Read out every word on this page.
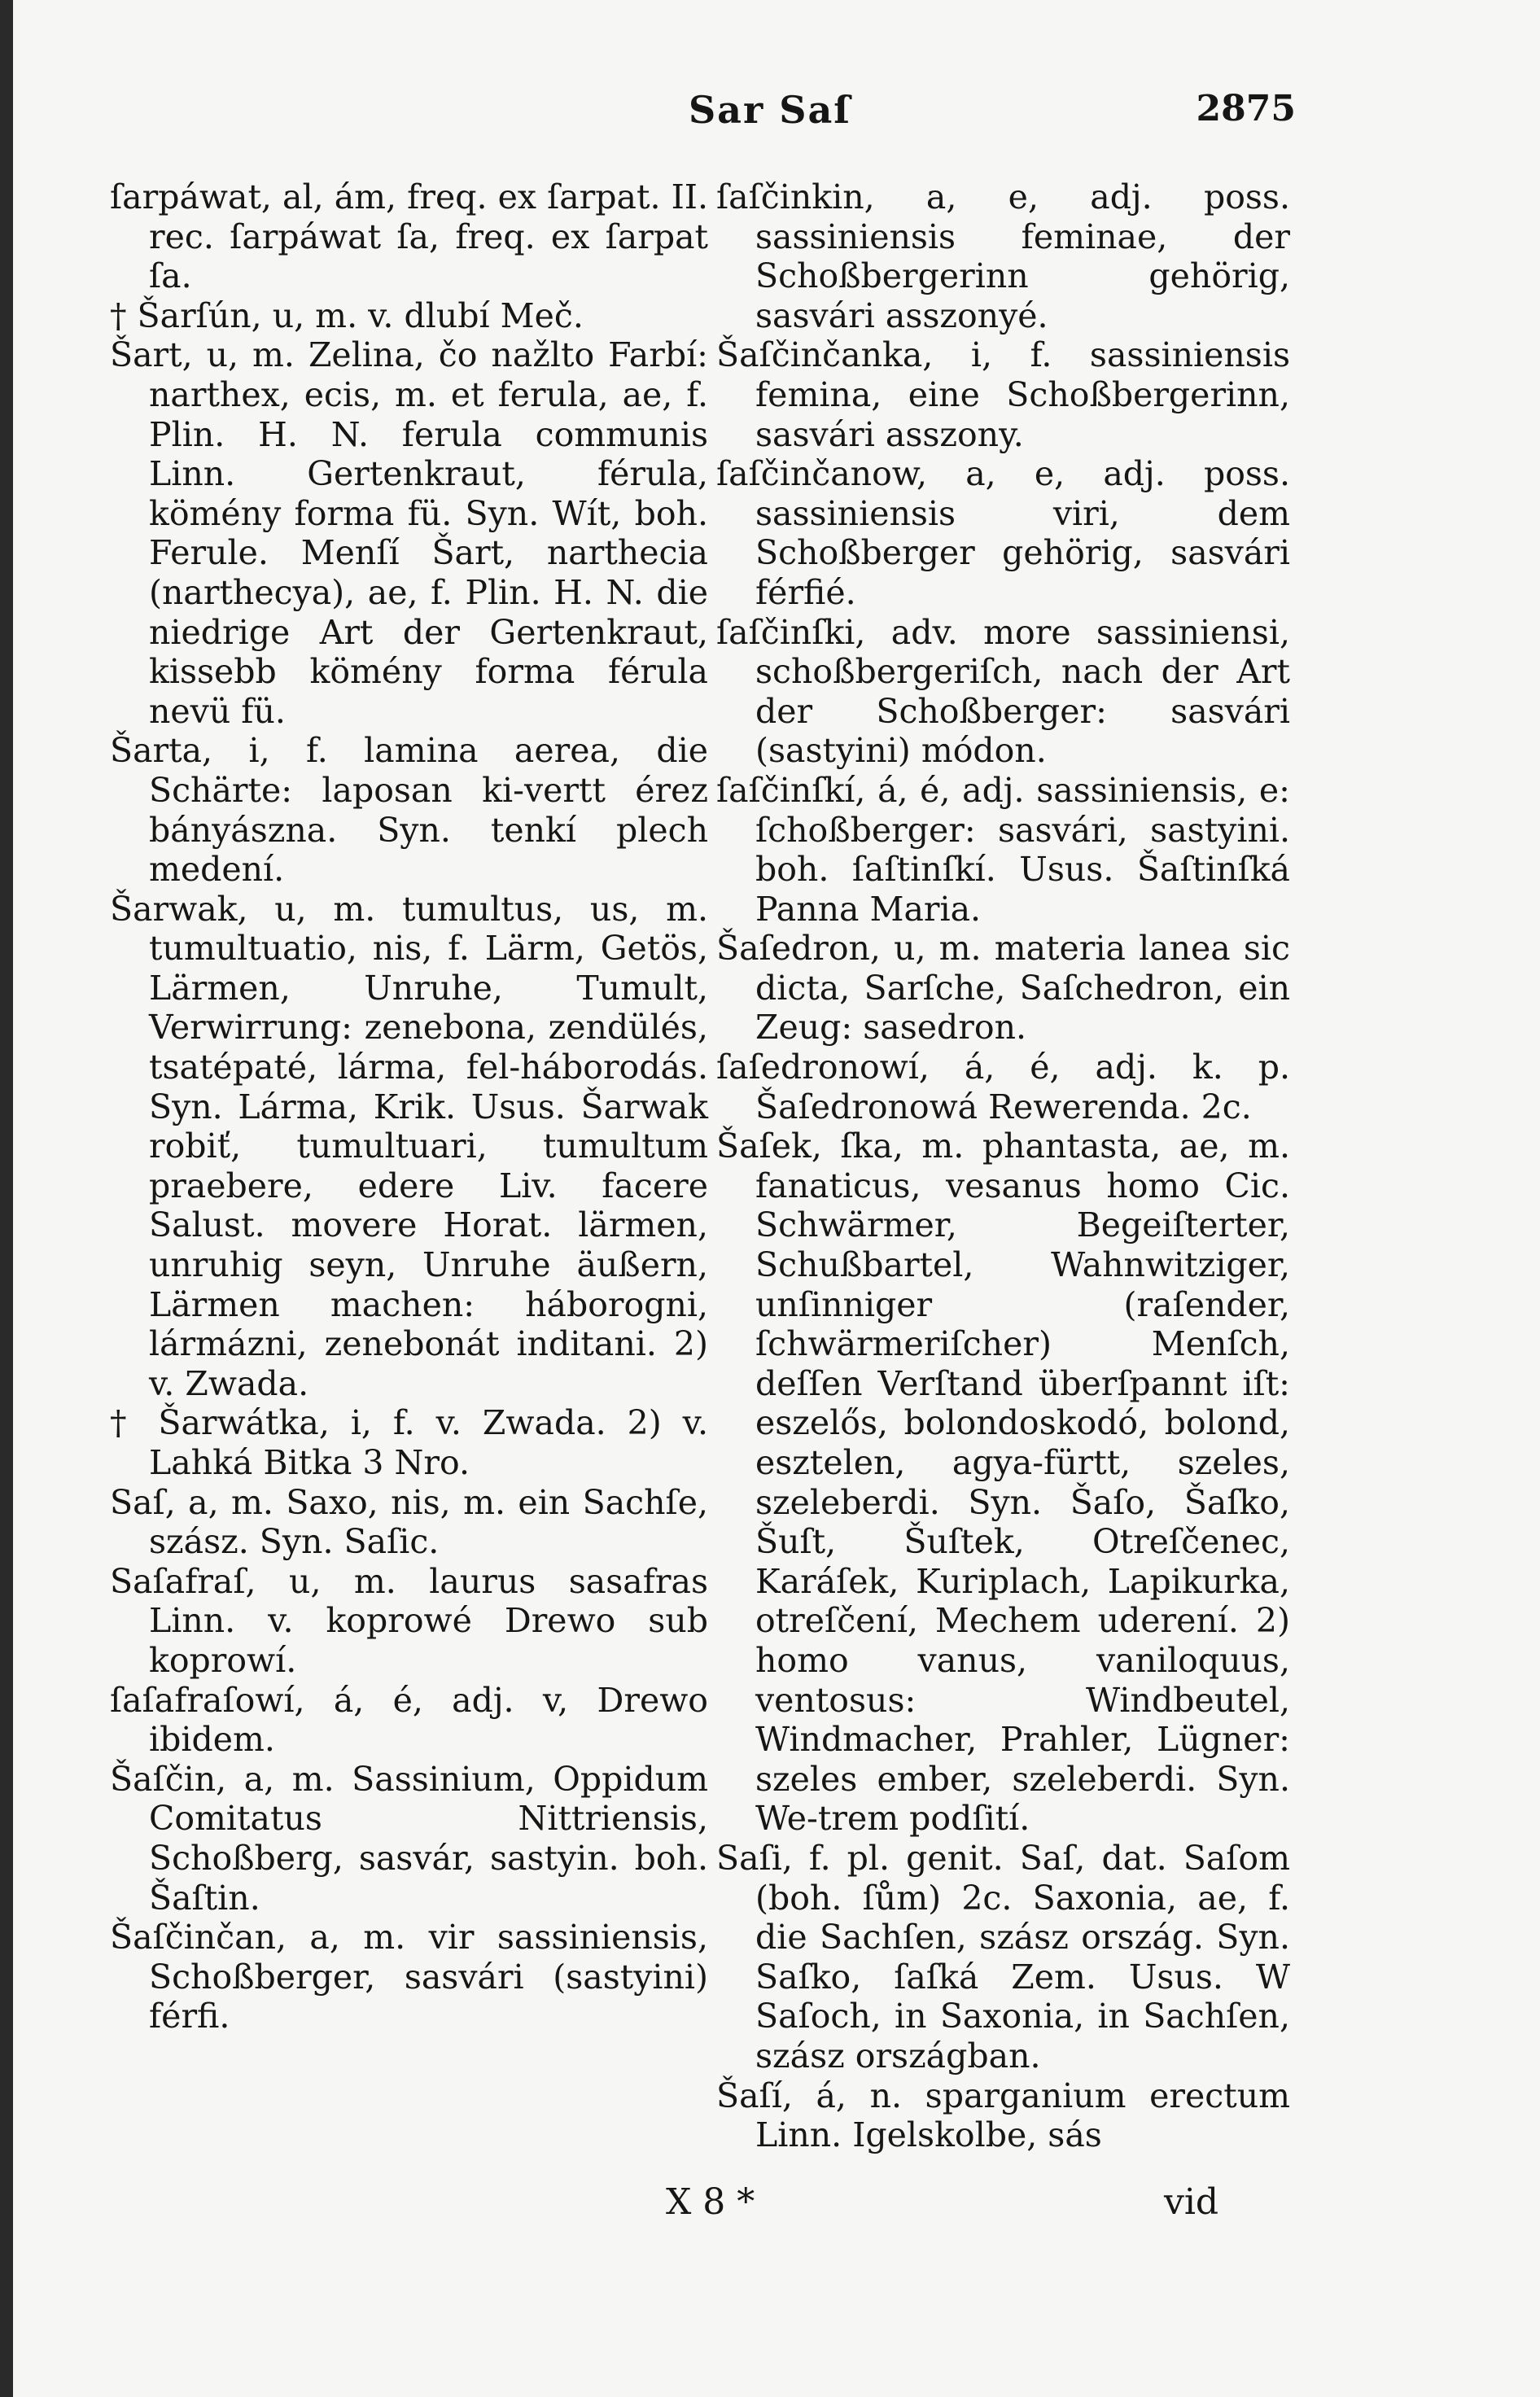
Sar Saſ	2875

ſarpáwat, al, ám, freq. ex ſarpat. II. rec. ſarpáwat ſa, freq. ex ſarpat ſa.

† Šarſún, u, m. v. dlubí Meč.

Šart, u, m. Zelina, čo nažlto Farbí: narthex, ecis, m. et ferula, ae, f. Plin. H. N. ferula communis Linn. Gertenkraut, férula, kömény forma fü. Syn. Wít, boh. Ferule. Menſí Šart, narthecia (narthecya), ae, f. Plin. H. N. die niedrige Art der Gertenkraut, kissebb kömény forma férula nevü fü.

Šarta, i, f. lamina aerea, die Schärte: laposan ki-vertt érez bányászna. Syn. tenkí plech medení.

Šarwak, u, m. tumultus, us, m. tumultuatio, nis, f. Lärm, Getös, Lärmen, Unruhe, Tumult, Verwirrung: zenebona, zendülés, tsatépaté, lárma, fel-háborodás. Syn. Lárma, Krik. Usus. Šarwak robiť, tumultuari, tumultum praebere, edere Liv. facere Salust. movere Horat. lärmen, unruhig seyn, Unruhe äußern, Lärmen machen: háborogni, lármázni, zenebonát inditani. 2) v. Zwada.

† Šarwátka, i, f. v. Zwada. 2) v. Lahká Bitka 3 Nro.

Saſ, a, m. Saxo, nis, m. ein Sachſe, szász. Syn. Saſic.

Saſafraſ, u, m. laurus sasafras Linn. v. koprowé Drewo sub koprowí.

ſaſafraſowí, á, é, adj. v, Drewo ibidem.

Šaſčin, a, m. Sassinium, Oppidum Comitatus Nittriensis, Schoßberg, sasvár, sastyin. boh. Šaſtin.

Šaſčinčan, a, m. vir sassiniensis, Schoßberger, sasvári (sastyini) férfi.

ſaſčinkin, a, e, adj. poss. sassiniensis feminae, der Schoßbergerinn gehörig, sasvári asszonyé.

Šaſčinčanka, i, f. sassiniensis femina, eine Schoßbergerinn, sasvári asszony.

ſaſčinčanow, a, e, adj. poss. sassiniensis viri, dem Schoßberger gehörig, sasvári férfié.

ſaſčinſki, adv. more sassiniensi, schoßbergeriſch, nach der Art der Schoßberger: sasvári (sastyini) módon.

ſaſčinſkí, á, é, adj. sassiniensis, e: ſchoßberger: sasvári, sastyini. boh. ſaſtinſkí. Usus. Šaſtinſká Panna Maria.

Šaſedron, u, m. materia lanea sic dicta, Sarſche, Saſchedron, ein Zeug: sasedron.

ſaſedronowí, á, é, adj. k. p. Šaſedronowá Rewerenda. 2c.

Šaſek, ſka, m. phantasta, ae, m. fanaticus, vesanus homo Cic. Schwärmer, Begeiſterter, Schußbartel, Wahnwitziger, unſinniger (raſender, ſchwärmeriſcher) Menſch, deſſen Verſtand überſpannt iſt: eszelős, bolondoskodó, bolond, esztelen, agya-fürtt, szeles, szeleberdi. Syn. Šaſo, Šaſko, Šuſt, Šuſtek, Otreſčenec, Karáſek, Kuriplach, Lapikurka, otreſčení, Mechem uderení. 2) homo vanus, vaniloquus, ventosus: Windbeutel, Windmacher, Prahler, Lügner: szeles ember, szeleberdi. Syn. We-trem podſití.

Saſi, f. pl. genit. Saſ, dat. Saſom (boh. ſům) 2c. Saxonia, ae, f. die Sachſen, szász ország. Syn. Saſko, ſaſká Zem. Usus. W Saſoch, in Saxonia, in Sachſen, szász országban.

Šaſí, á, n. sparganium erectum Linn. Igelskolbe, sás

X 8 *	vid
